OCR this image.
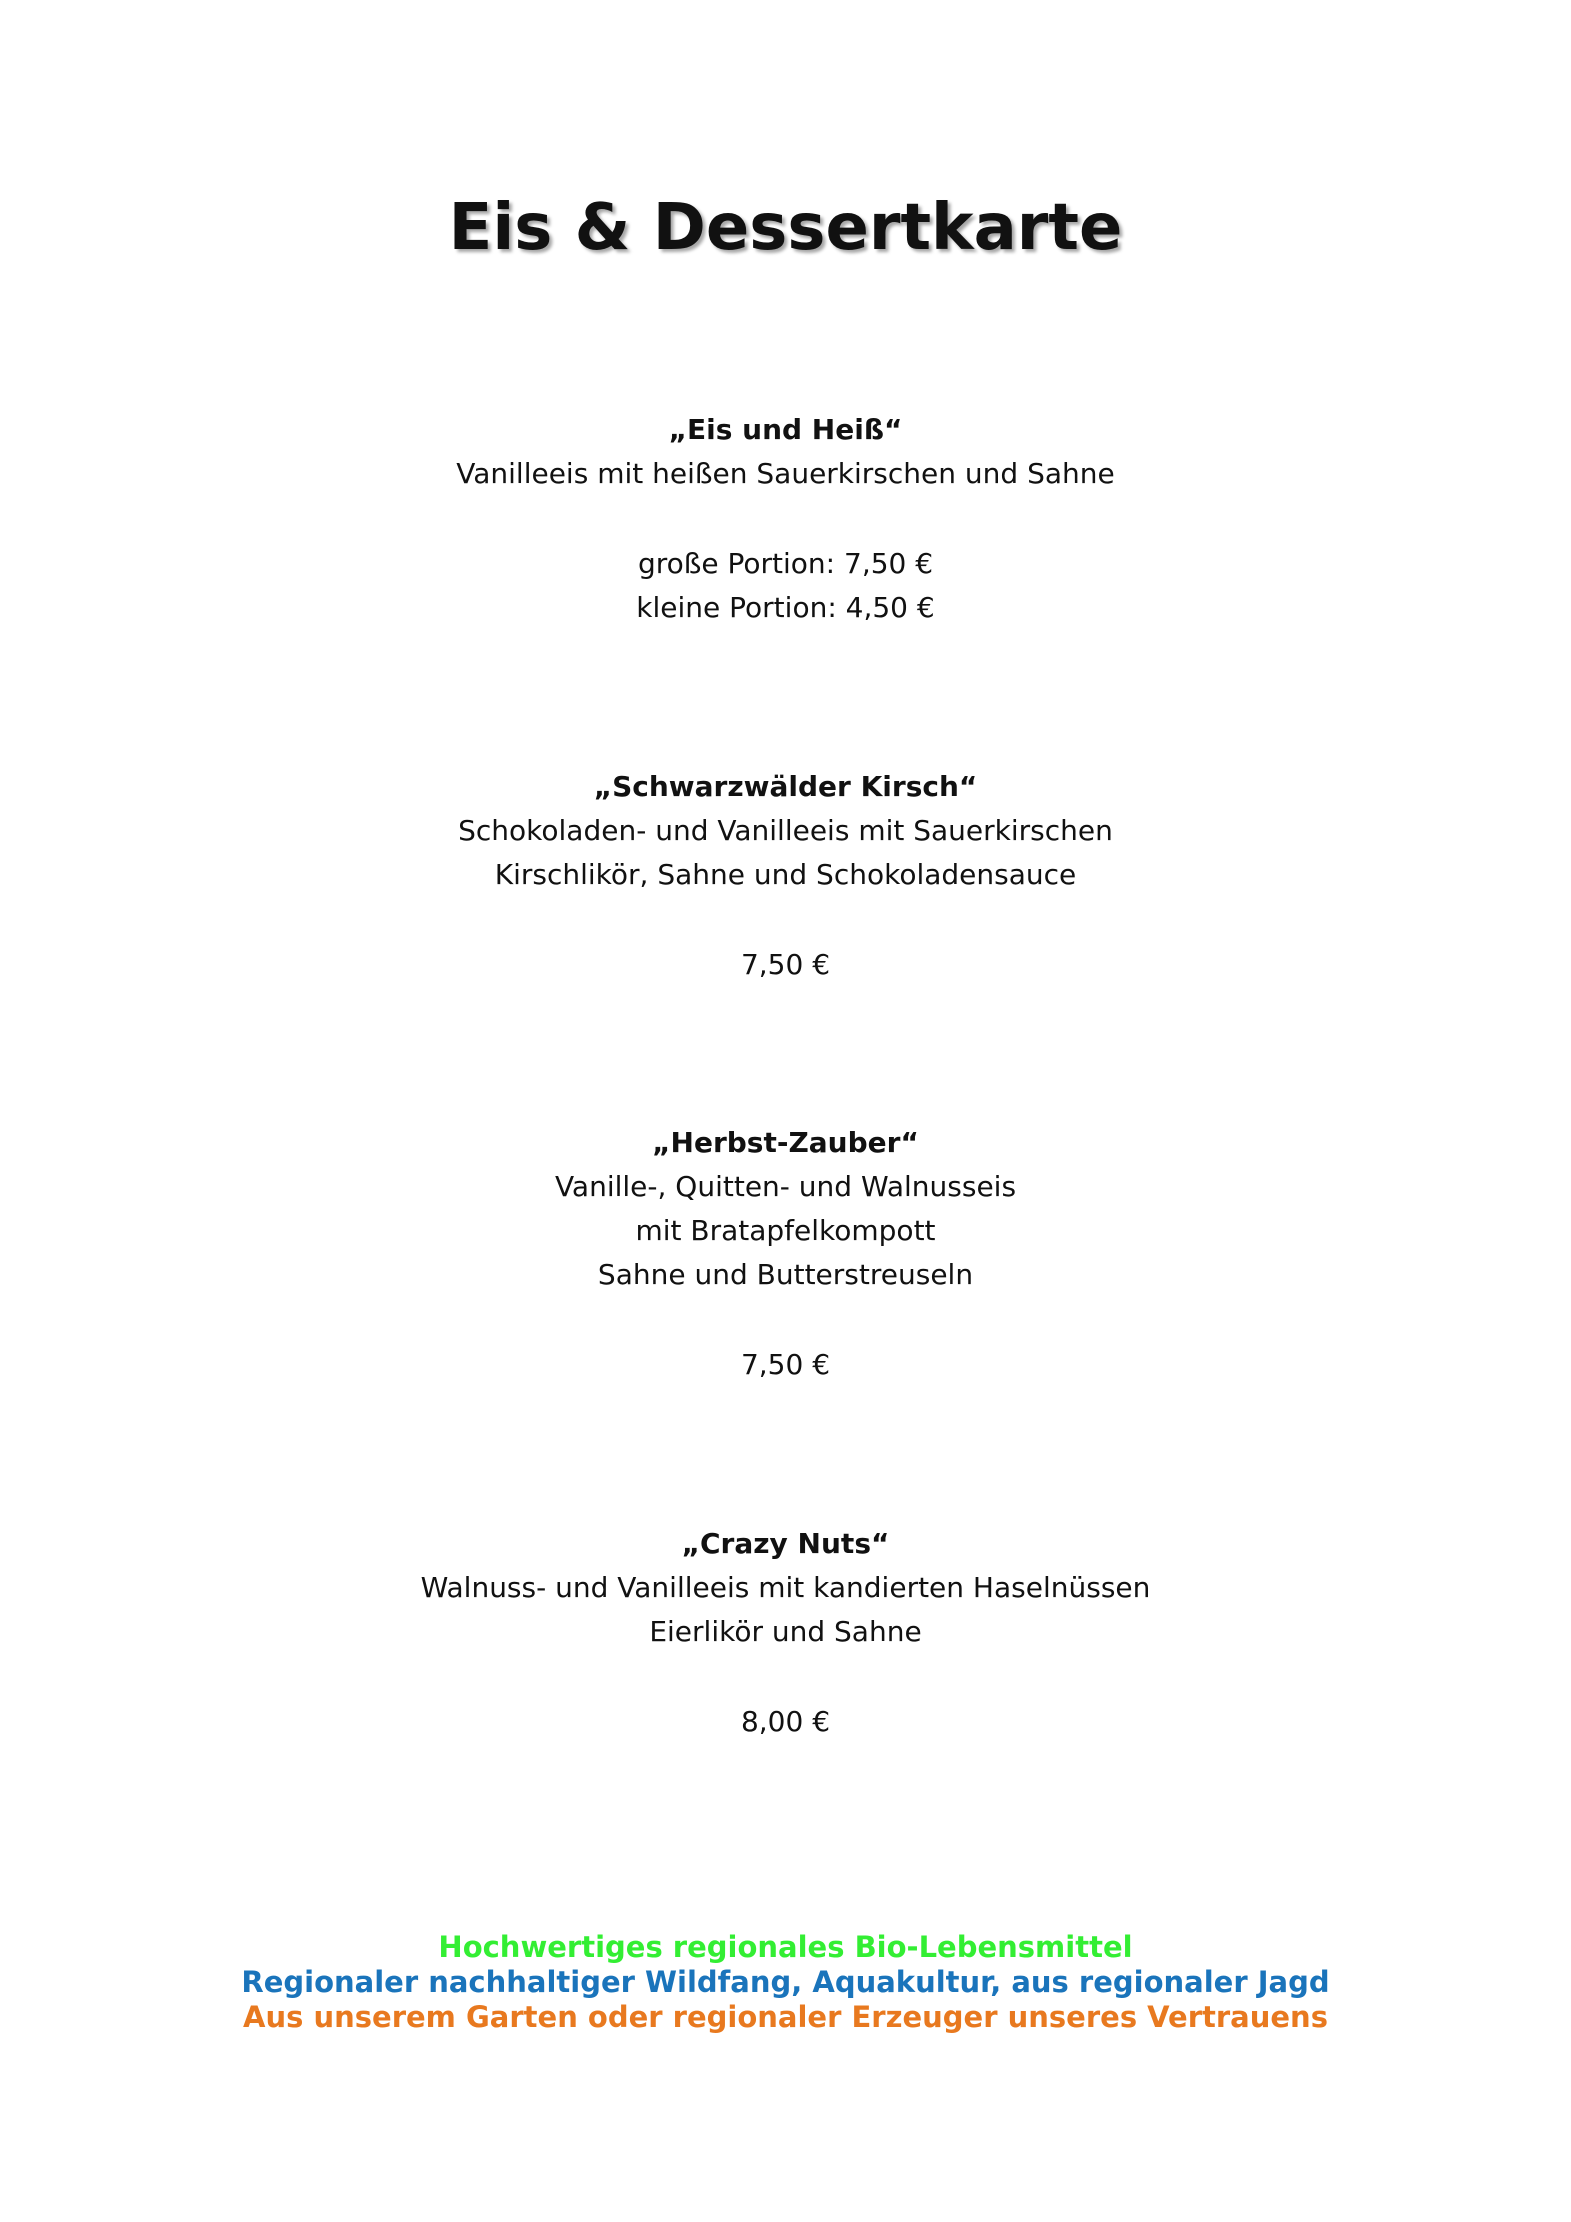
Eis & Dessertkarte
„Eis und Heiß“
Vanilleeis mit heißen Sauerkirschen und Sahne
große Portion: 7,50 €
kleine Portion: 4,50 €
„Schwarzwälder Kirsch“
Schokoladen- und Vanilleeis mit Sauerkirschen
Kirschlikör, Sahne und Schokoladensauce
7,50 €
„Herbst-Zauber“
Vanille-, Quitten- und Walnusseis
mit Bratapfelkompott
Sahne und Butterstreuseln
7,50 €
„Crazy Nuts“
Walnuss- und Vanilleeis mit kandierten Haselnüssen
Eierlikör und Sahne
8,00 €
Hochwertiges regionales Bio-Lebensmittel
Regionaler nachhaltiger Wildfang, Aquakultur, aus regionaler Jagd
Aus unserem Garten oder regionaler Erzeuger unseres Vertrauens
